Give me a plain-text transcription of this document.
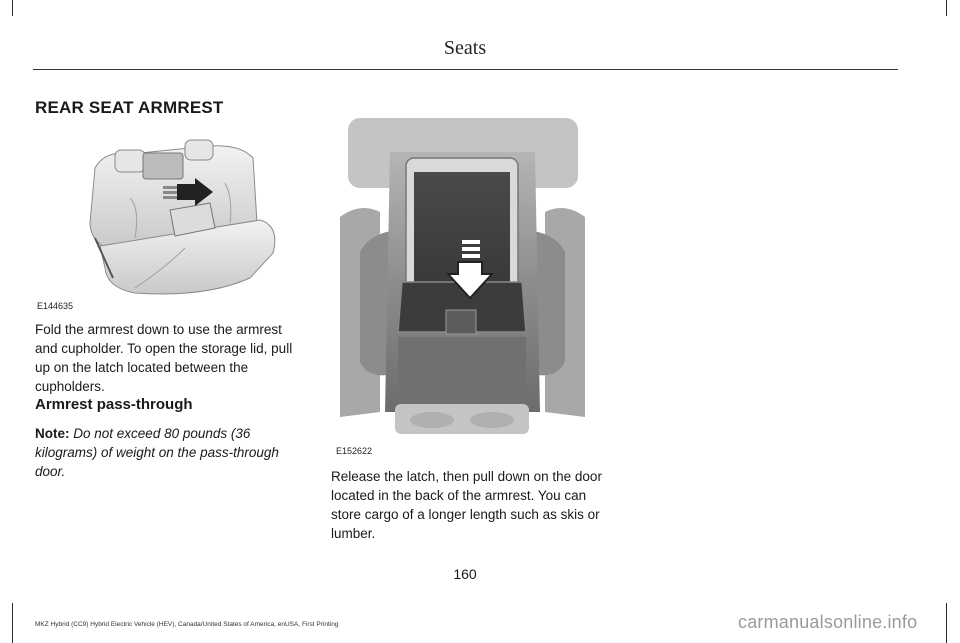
Seats
REAR SEAT ARMREST
E144635
Fold the armrest down to use the armrest and cupholder. To open the storage lid, pull up on the latch located between the cupholders.
Armrest pass-through
Note: Do not exceed 80 pounds (36 kilograms) of weight on the pass-through door.
E152622
Release the latch, then pull down on the door located in the back of the armrest. You can store cargo of a longer length such as skis or lumber.
160
MKZ Hybrid (CC9) Hybrid Electric Vehicle (HEV), Canada/United States of America, enUSA, First Printing	carmanualsonline.info
